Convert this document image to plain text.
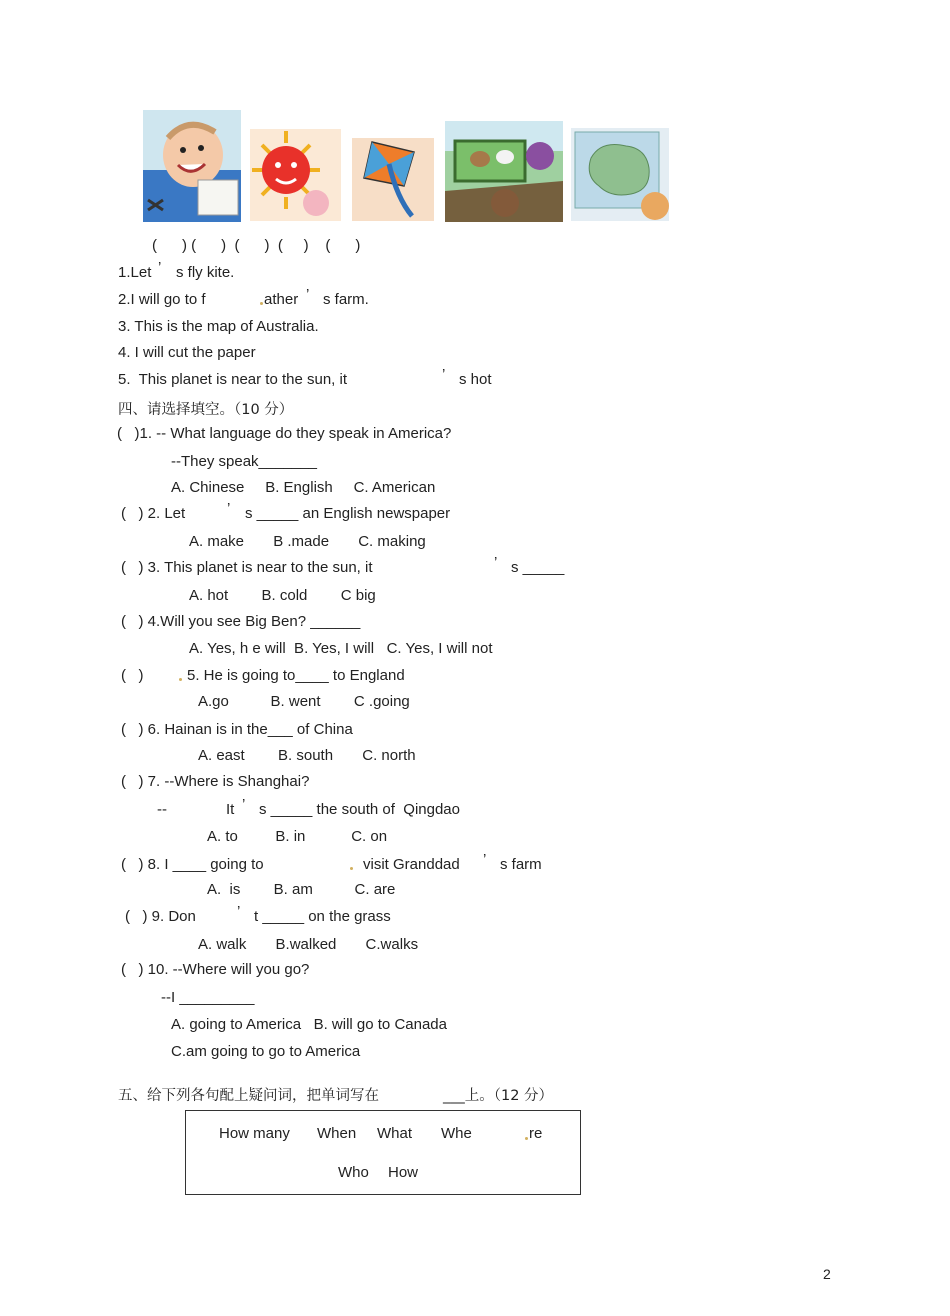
(      ) (      )  (      )  (     )    (      )
1.Let ’ s fly kite.
2.I will go to f	ather ’ s farm.
3. This is the map of Australia.
4. I will cut the paper
5.  This planet is near to the sun, it	’ s hot
四、请选择填空。（10 分）
(   )1. -- What language do they speak in America?
--They speak_______
A. Chinese     B. English     C. American
(   ) 2. Let	’ s _____ an English newspaper
A. make       B .made       C. making
(   ) 3. This planet is near to the sun, it	’ s _____
A. hot        B. cold        C big
(   ) 4.Will you see Big Ben? ______
A. Yes, h e will  B. Yes, I will   C. Yes, I will not
(   )	5. He is going to____ to England
A.go          B. went        C .going
(   ) 6. Hainan is in the___ of China
A. east        B. south       C. north
(   ) 7. --Where is Shanghai?
--	It ’ s _____ the south of  Qingdao
A. to         B. in           C. on
(   ) 8. I ____ going to	visit Granddad ’ s farm
A.  is        B. am          C. are
(   ) 9. Don	’ t _____ on the grass
A. walk       B.walked       C.walks
(   ) 10. --Where will you go?
--I _________
A. going to America   B. will go to Canada
C.am going to go to America
五、给下列各句配上疑问词，把单词写在	___上。（12 分）
How many When What Whe	re
Who How
2
